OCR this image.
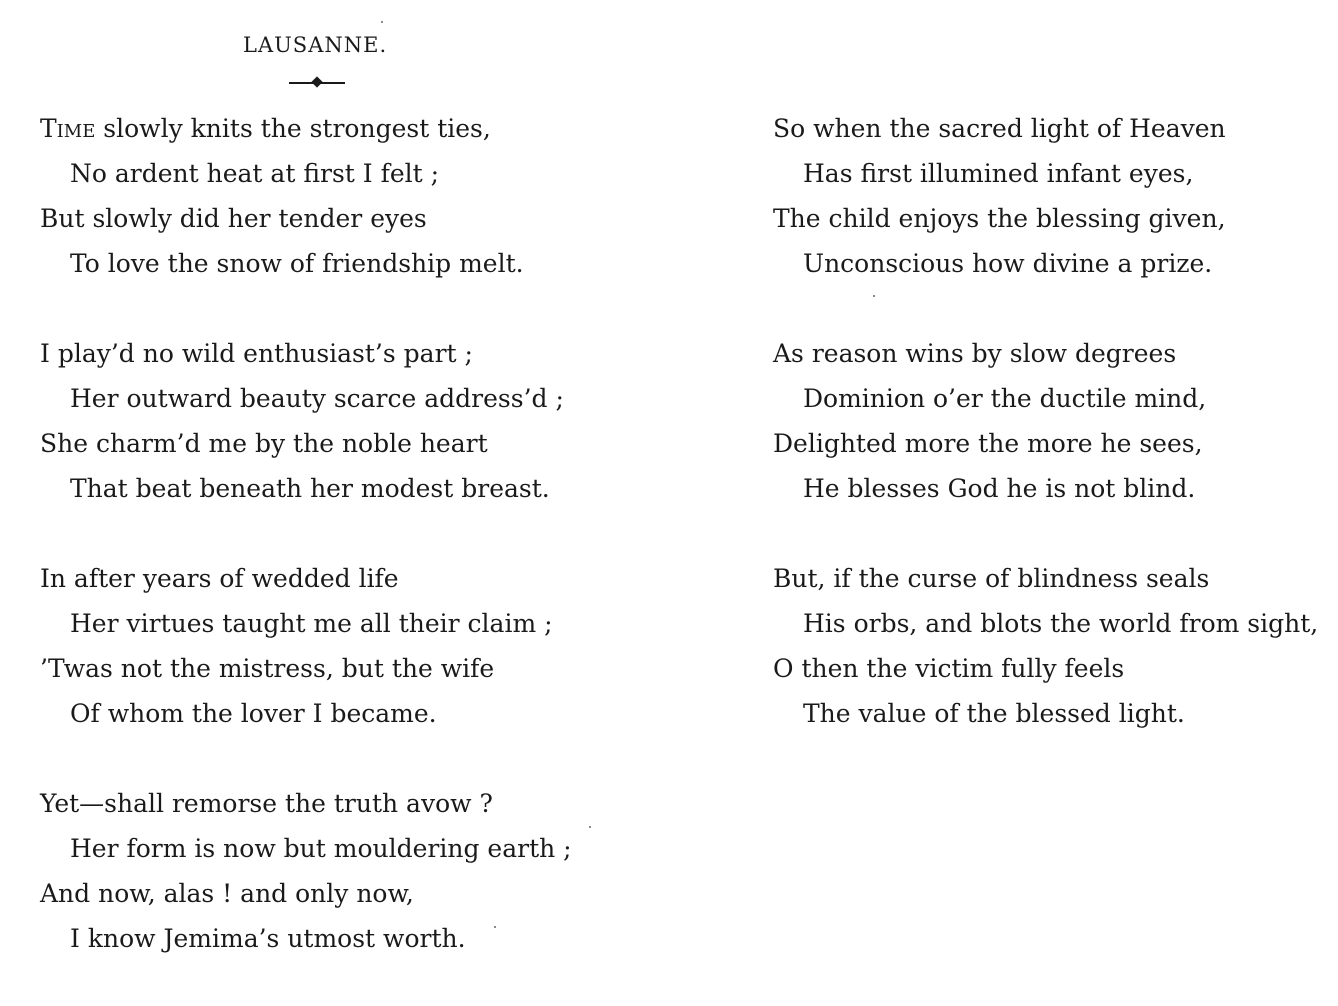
LAUSANNE.
Time slowly knits the strongest ties,
No ardent heat at first I felt ;
But slowly did her tender eyes
To love the snow of friendship melt.
I play’d no wild enthusiast’s part ;
Her outward beauty scarce address’d ;
She charm’d me by the noble heart
That beat beneath her modest breast.
In after years of wedded life
Her virtues taught me all their claim ;
’Twas not the mistress, but the wife
Of whom the lover I became.
Yet—shall remorse the truth avow ?
Her form is now but mouldering earth ;
And now, alas ! and only now,
I know Jemima’s utmost worth.
So when the sacred light of Heaven
Has first illumined infant eyes,
The child enjoys the blessing given,
Unconscious how divine a prize.
As reason wins by slow degrees
Dominion o’er the ductile mind,
Delighted more the more he sees,
He blesses God he is not blind.
But, if the curse of blindness seals
His orbs, and blots the world from sight,
O then the victim fully feels
The value of the blessed light.
